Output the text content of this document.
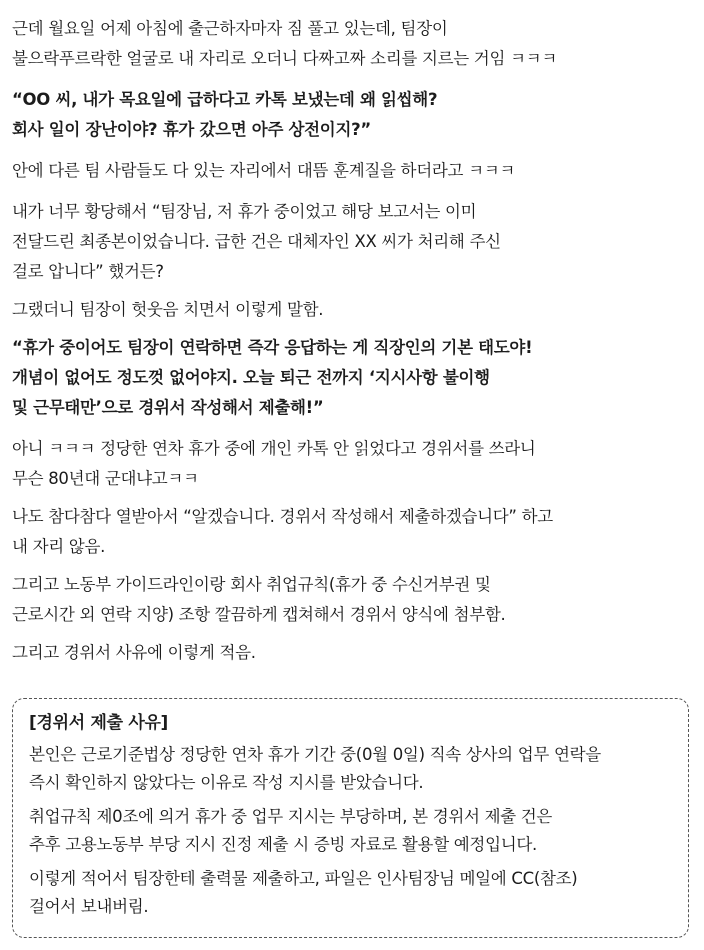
근데 월요일 어제 아침에 출근하자마자 짐 풀고 있는데, 팀장이
불으락푸르락한 얼굴로 내 자리로 오더니 다짜고짜 소리를 지르는 거임 ㅋㅋㅋ

“OO 씨, 내가 목요일에 급하다고 카톡 보냈는데 왜 읽씹해?
회사 일이 장난이야? 휴가 갔으면 아주 상전이지?”

안에 다른 팀 사람들도 다 있는 자리에서 대뜸 훈계질을 하더라고 ㅋㅋㅋ

내가 너무 황당해서 “팀장님, 저 휴가 중이었고 해당 보고서는 이미
전달드린 최종본이었습니다. 급한 건은 대체자인 XX 씨가 처리해 주신
걸로 압니다” 했거든?

그랬더니 팀장이 헛웃음 치면서 이렇게 말함.

“휴가 중이어도 팀장이 연락하면 즉각 응답하는 게 직장인의 기본 태도야!
개념이 없어도 정도껏 없어야지. 오늘 퇴근 전까지 ‘지시사항 불이행
및 근무태만’으로 경위서 작성해서 제출해!”

아니 ㅋㅋㅋ 정당한 연차 휴가 중에 개인 카톡 안 읽었다고 경위서를 쓰라니
무슨 80년대 군대냐고ㅋㅋ

나도 참다참다 열받아서 “알겠습니다. 경위서 작성해서 제출하겠습니다” 하고
내 자리 않음.

그리고 노동부 가이드라인이랑 회사 취업규칙(휴가 중 수신거부권 및
근로시간 외 연락 지양) 조항 깔끔하게 캡쳐해서 경위서 양식에 첨부함.

그리고 경위서 사유에 이렇게 적음.

[경위서 제출 사유]

본인은 근로기준법상 정당한 연차 휴가 기간 중(0월 0일) 직속 상사의 업무 연락을
즉시 확인하지 않았다는 이유로 작성 지시를 받았습니다.

취업규칙 제0조에 의거 휴가 중 업무 지시는 부당하며, 본 경위서 제출 건은
추후 고용노동부 부당 지시 진정 제출 시 증빙 자료로 활용할 예정입니다.

이렇게 적어서 팀장한테 출력물 제출하고, 파일은 인사팀장님 메일에 CC(참조)
걸어서 보내버림.
